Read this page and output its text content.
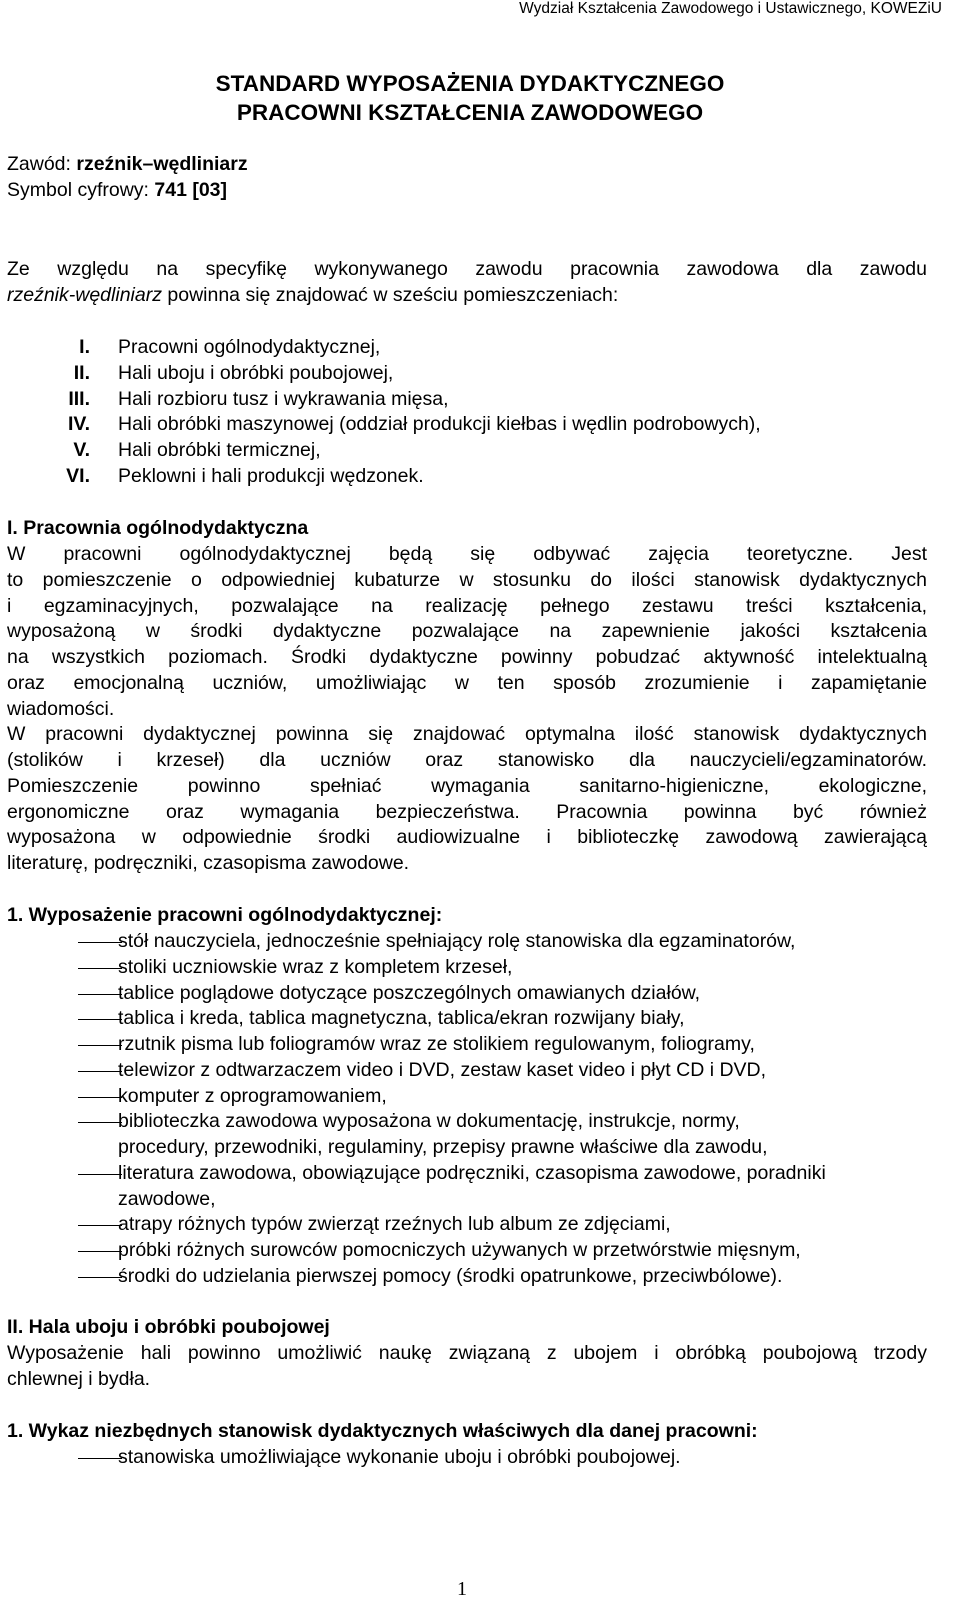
Wydział Kształcenia Zawodowego i Ustawicznego, KOWEZiU
STANDARD WYPOSAŻENIA DYDAKTYCZNEGO
PRACOWNI KSZTAŁCENIA ZAWODOWEGO
Zawód: rzeźnik–wędliniarz
Symbol cyfrowy: 741 [03]
Ze względu na specyfikę wykonywanego zawodu pracownia zawodowa dla zawodu
rzeźnik-wędliniarz powinna się znajdować w sześciu pomieszczeniach:
I. Pracowni ogólnodydaktycznej,
II. Hali uboju i obróbki poubojowej,
III. Hali rozbioru tusz i wykrawania mięsa,
IV. Hali obróbki maszynowej (oddział produkcji kiełbas i wędlin podrobowych),
V. Hali obróbki termicznej,
VI. Peklowni i hali produkcji wędzonek.
I. Pracownia ogólnodydaktyczna
W pracowni ogólnodydaktycznej będą się odbywać zajęcia teoretyczne. Jest
to pomieszczenie o odpowiedniej kubaturze w stosunku do ilości stanowisk dydaktycznych
i egzaminacyjnych, pozwalające na realizację pełnego zestawu treści kształcenia,
wyposażoną w środki dydaktyczne pozwalające na zapewnienie jakości kształcenia
na wszystkich poziomach. Środki dydaktyczne powinny pobudzać aktywność intelektualną
oraz emocjonalną uczniów, umożliwiając w ten sposób zrozumienie i zapamiętanie
wiadomości.
W pracowni dydaktycznej powinna się znajdować optymalna ilość stanowisk dydaktycznych
(stolików i krzeseł) dla uczniów oraz stanowisko dla nauczycieli/egzaminatorów.
Pomieszczenie powinno spełniać wymagania sanitarno-higieniczne, ekologiczne,
ergonomiczne oraz wymagania bezpieczeństwa. Pracownia powinna być również
wyposażona w odpowiednie środki audiowizualne i biblioteczkę zawodową zawierającą
literaturę, podręczniki, czasopisma zawodowe.
1. Wyposażenie pracowni ogólnodydaktycznej:
stół nauczyciela, jednocześnie spełniający rolę stanowiska dla egzaminatorów,
stoliki uczniowskie wraz z kompletem krzeseł,
tablice poglądowe dotyczące poszczególnych omawianych działów,
tablica i kreda, tablica magnetyczna, tablica/ekran rozwijany biały,
rzutnik pisma lub foliogramów wraz ze stolikiem regulowanym, foliogramy,
telewizor z odtwarzaczem video i DVD, zestaw kaset video i płyt CD i DVD,
komputer z oprogramowaniem,
biblioteczka zawodowa wyposażona w dokumentację, instrukcje, normy,
procedury, przewodniki, regulaminy, przepisy prawne właściwe dla zawodu,
literatura zawodowa, obowiązujące podręczniki, czasopisma zawodowe, poradniki
zawodowe,
atrapy różnych typów zwierząt rzeźnych lub album ze zdjęciami,
próbki różnych surowców pomocniczych używanych w przetwórstwie mięsnym,
środki do udzielania pierwszej pomocy (środki opatrunkowe, przeciwbólowe).
II. Hala uboju i obróbki poubojowej
Wyposażenie hali powinno umożliwić naukę związaną z ubojem i obróbką poubojową trzody
chlewnej i bydła.
1. Wykaz niezbędnych stanowisk dydaktycznych właściwych dla danej pracowni:
stanowiska umożliwiające wykonanie uboju i obróbki poubojowej.
1
